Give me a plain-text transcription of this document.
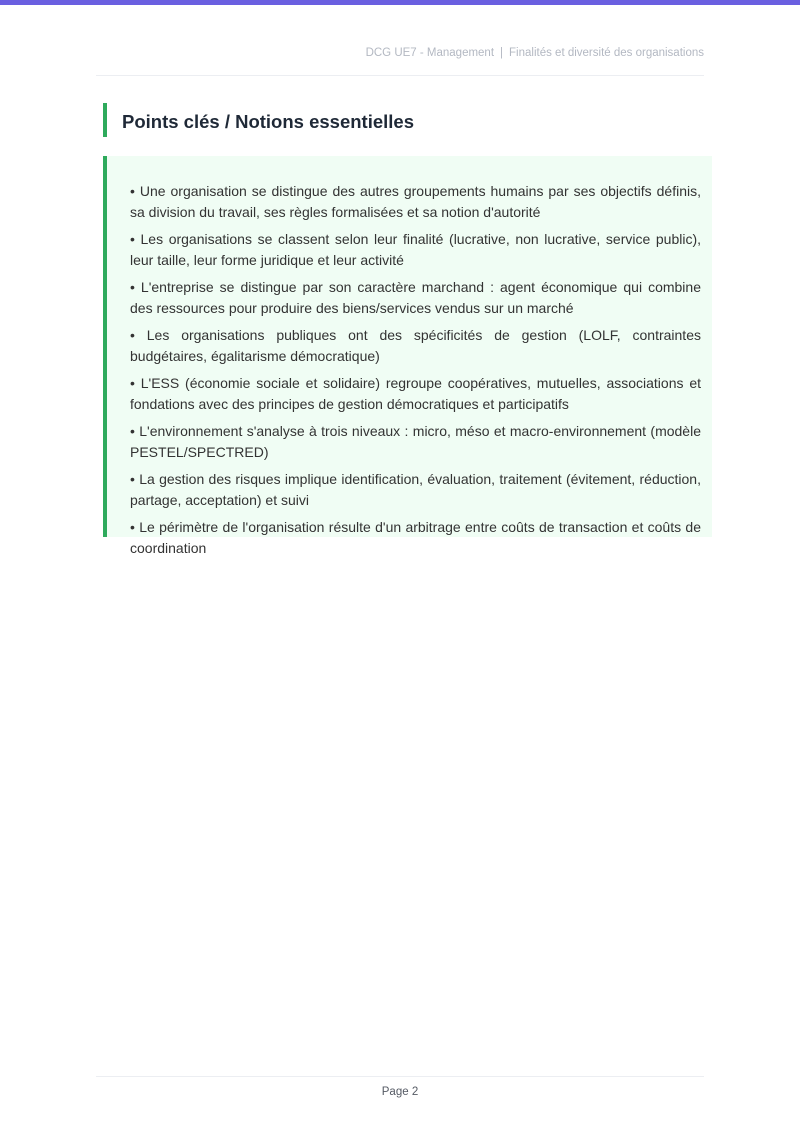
DCG UE7 - Management | Finalités et diversité des organisations
Points clés / Notions essentielles
• Une organisation se distingue des autres groupements humains par ses objectifs définis, sa division du travail, ses règles formalisées et sa notion d'autorité
• Les organisations se classent selon leur finalité (lucrative, non lucrative, service public), leur taille, leur forme juridique et leur activité
• L'entreprise se distingue par son caractère marchand : agent économique qui combine des ressources pour produire des biens/services vendus sur un marché
• Les organisations publiques ont des spécificités de gestion (LOLF, contraintes budgétaires, égalitarisme démocratique)
• L'ESS (économie sociale et solidaire) regroupe coopératives, mutuelles, associations et fondations avec des principes de gestion démocratiques et participatifs
• L'environnement s'analyse à trois niveaux : micro, méso et macro-environnement (modèle PESTEL/SPECTRED)
• La gestion des risques implique identification, évaluation, traitement (évitement, réduction, partage, acceptation) et suivi
• Le périmètre de l'organisation résulte d'un arbitrage entre coûts de transaction et coûts de coordination
Page 2
